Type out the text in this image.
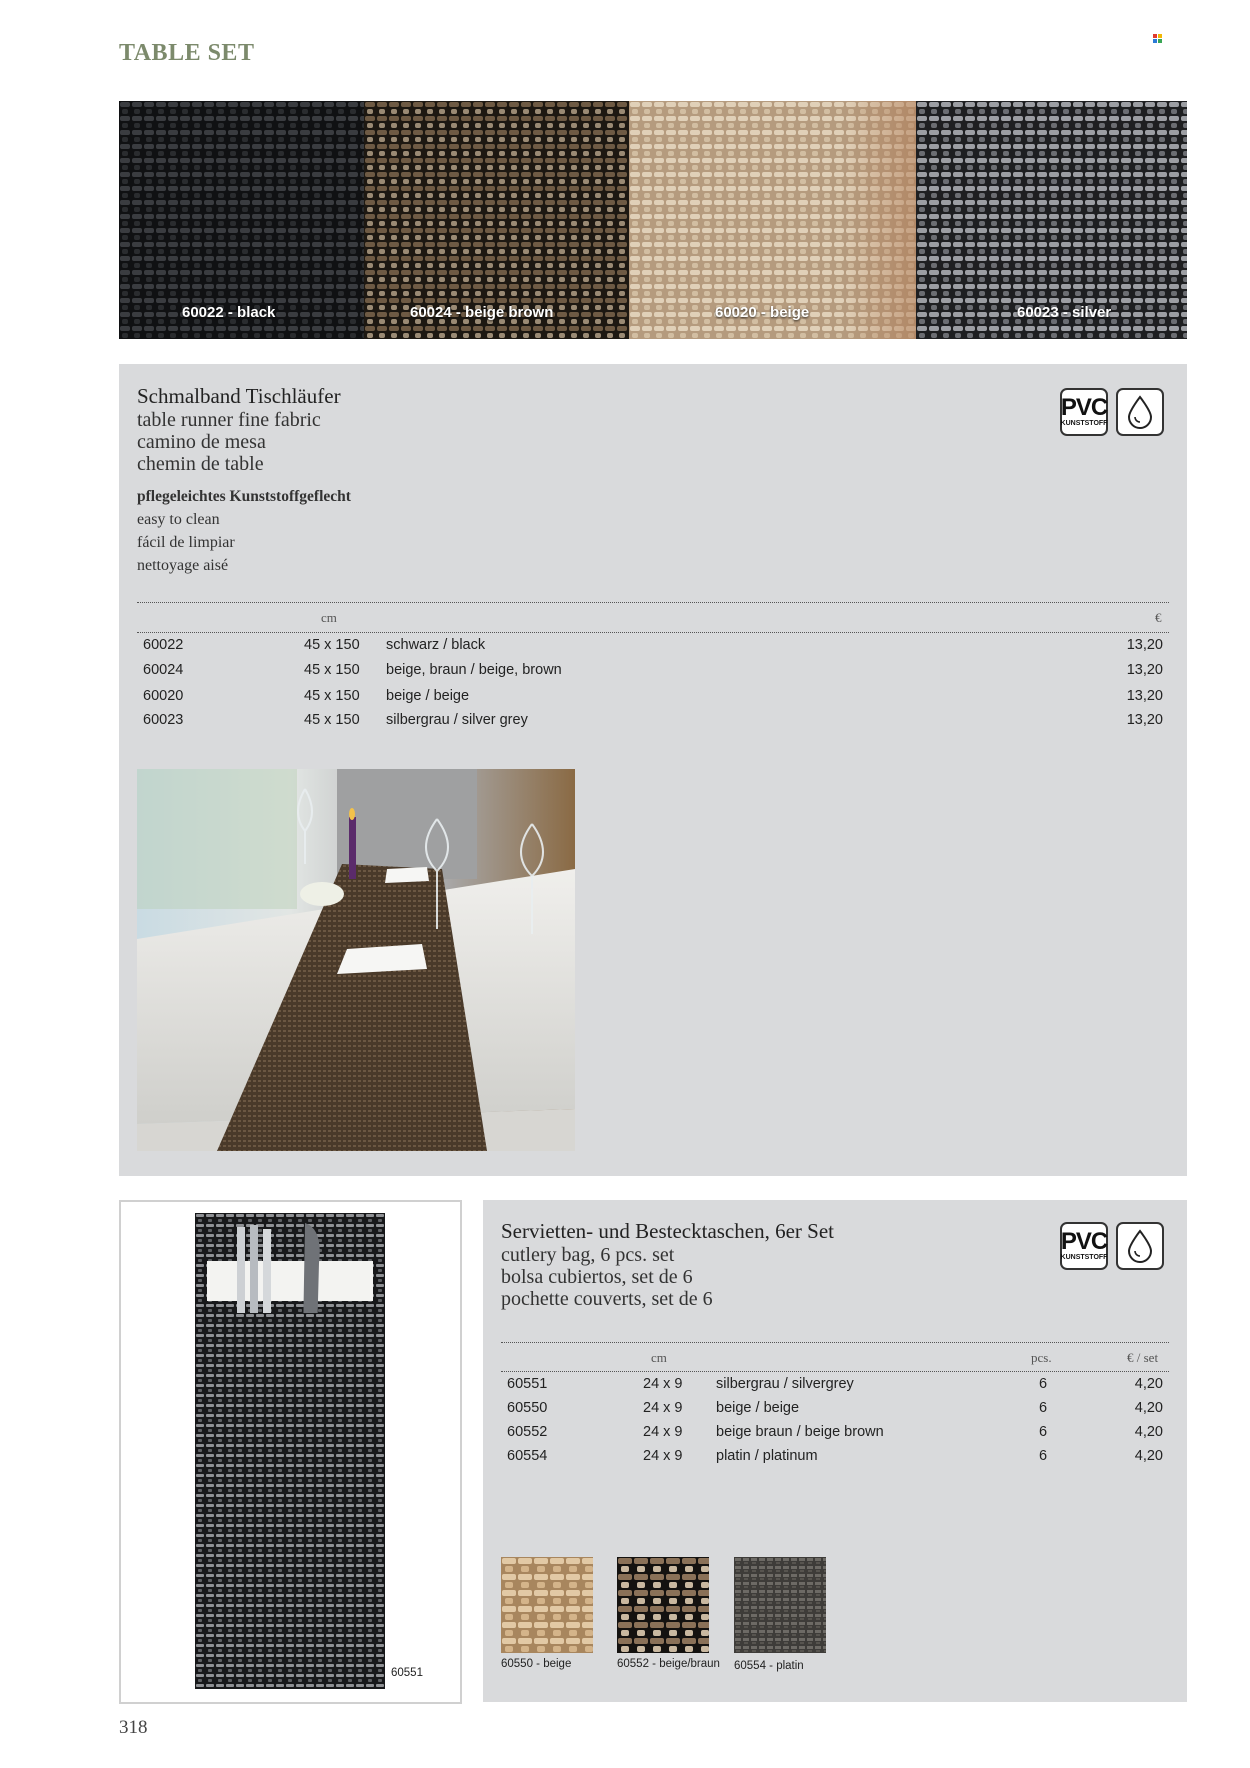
TABLE SET
60022 - black	60024 - beige brown	60020 - beige	60023 - silver
Schmalband Tischläufer
table runner fine fabric
camino de mesa
chemin de table
pflegeleichtes Kunststoffgeflecht
easy to clean
fácil de limpiar
nettoyage aisé
PVC
KUNSTSTOFF
cm	€
60022	45 x 150 schwarz / black	13,20
60024	45 x 150 beige, braun / beige, brown	13,20
60020	45 x 150 beige / beige	13,20
60023	45 x 150 silbergrau / silver grey	13,20
60551
Servietten- und Bestecktaschen, 6er Set
cutlery bag, 6 pcs. set
bolsa cubiertos, set de 6
pochette couverts, set de 6
PVC
KUNSTSTOFF
cm	pcs.	€ / set
60551	24 x 9 silbergrau / silvergrey	6	4,20
60550	24 x 9 beige / beige	6	4,20
60552	24 x 9 beige braun / beige brown	6	4,20
60554	24 x 9 platin / platinum	6	4,20
60550 - beige	60552 - beige/braun 60554 - platin
318
